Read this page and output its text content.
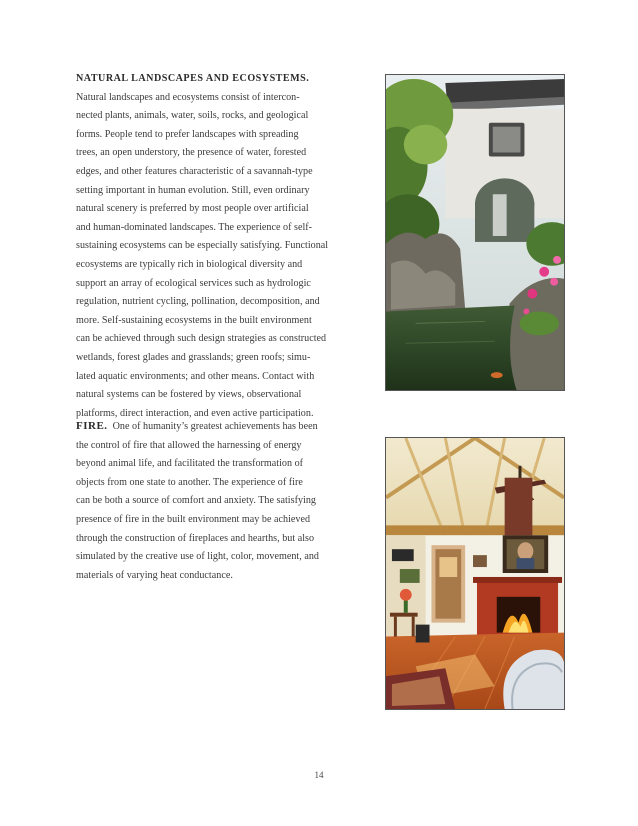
NATURAL LANDSCAPES AND ECOSYSTEMS.
Natural landscapes and ecosystems consist of intercon-
nected plants, animals, water, soils, rocks, and geological
forms. People tend to prefer landscapes with spreading
trees, an open understory, the presence of water, forested
edges, and other features characteristic of a savannah-type
setting important in human evolution. Still, even ordinary
natural scenery is preferred by most people over artificial
and human-dominated landscapes. The experience of self-
sustaining ecosystems can be especially satisfying. Functional
ecosystems are typically rich in biological diversity and
support an array of ecological services such as hydrologic
regulation, nutrient cycling, pollination, decomposition, and
more. Self-sustaining ecosystems in the built environment
can be achieved through such design strategies as constructed
wetlands, forest glades and grasslands; green roofs; simu-
lated aquatic environments; and other means. Contact with
natural systems can be fostered by views, observational
platforms, direct interaction, and even active participation.

FIRE. One of humanity’s greatest achievements has been
the control of fire that allowed the harnessing of energy
beyond animal life, and facilitated the transformation of
objects from one state to another. The experience of fire
can be both a source of comfort and anxiety. The satisfying
presence of fire in the built environment may be achieved
through the construction of fireplaces and hearths, but also
simulated by the creative use of light, color, movement, and
materials of varying heat conductance.

14
